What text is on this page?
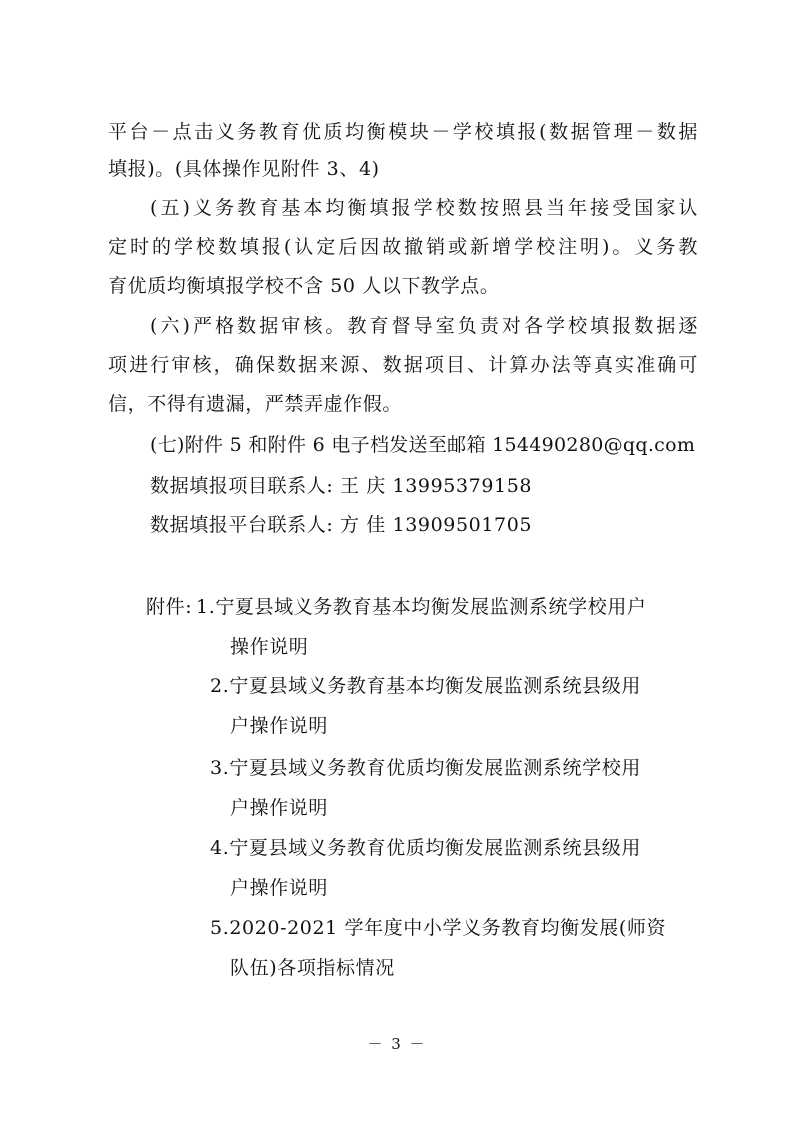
平台－点击义务教育优质均衡模块－学校填报(数据管理－数据
填报)。(具体操作见附件 3、4)
(五)义务教育基本均衡填报学校数按照县当年接受国家认
定时的学校数填报(认定后因故撤销或新增学校注明)。义务教
育优质均衡填报学校不含 50 人以下教学点。
(六)严格数据审核。教育督导室负责对各学校填报数据逐
项进行审核，确保数据来源、数据项目、计算办法等真实准确可
信，不得有遗漏，严禁弄虚作假。
(七)附件 5 和附件 6 电子档发送至邮箱 154490280@qq.com
数据填报项目联系人: 王 庆 13995379158
数据填报平台联系人: 方 佳 13909501705
附件: 1.宁夏县域义务教育基本均衡发展监测系统学校用户
操作说明
2.宁夏县域义务教育基本均衡发展监测系统县级用
户操作说明
3.宁夏县域义务教育优质均衡发展监测系统学校用
户操作说明
4.宁夏县域义务教育优质均衡发展监测系统县级用
户操作说明
5.2020-2021 学年度中小学义务教育均衡发展(师资
队伍)各项指标情况
－ 3 －
